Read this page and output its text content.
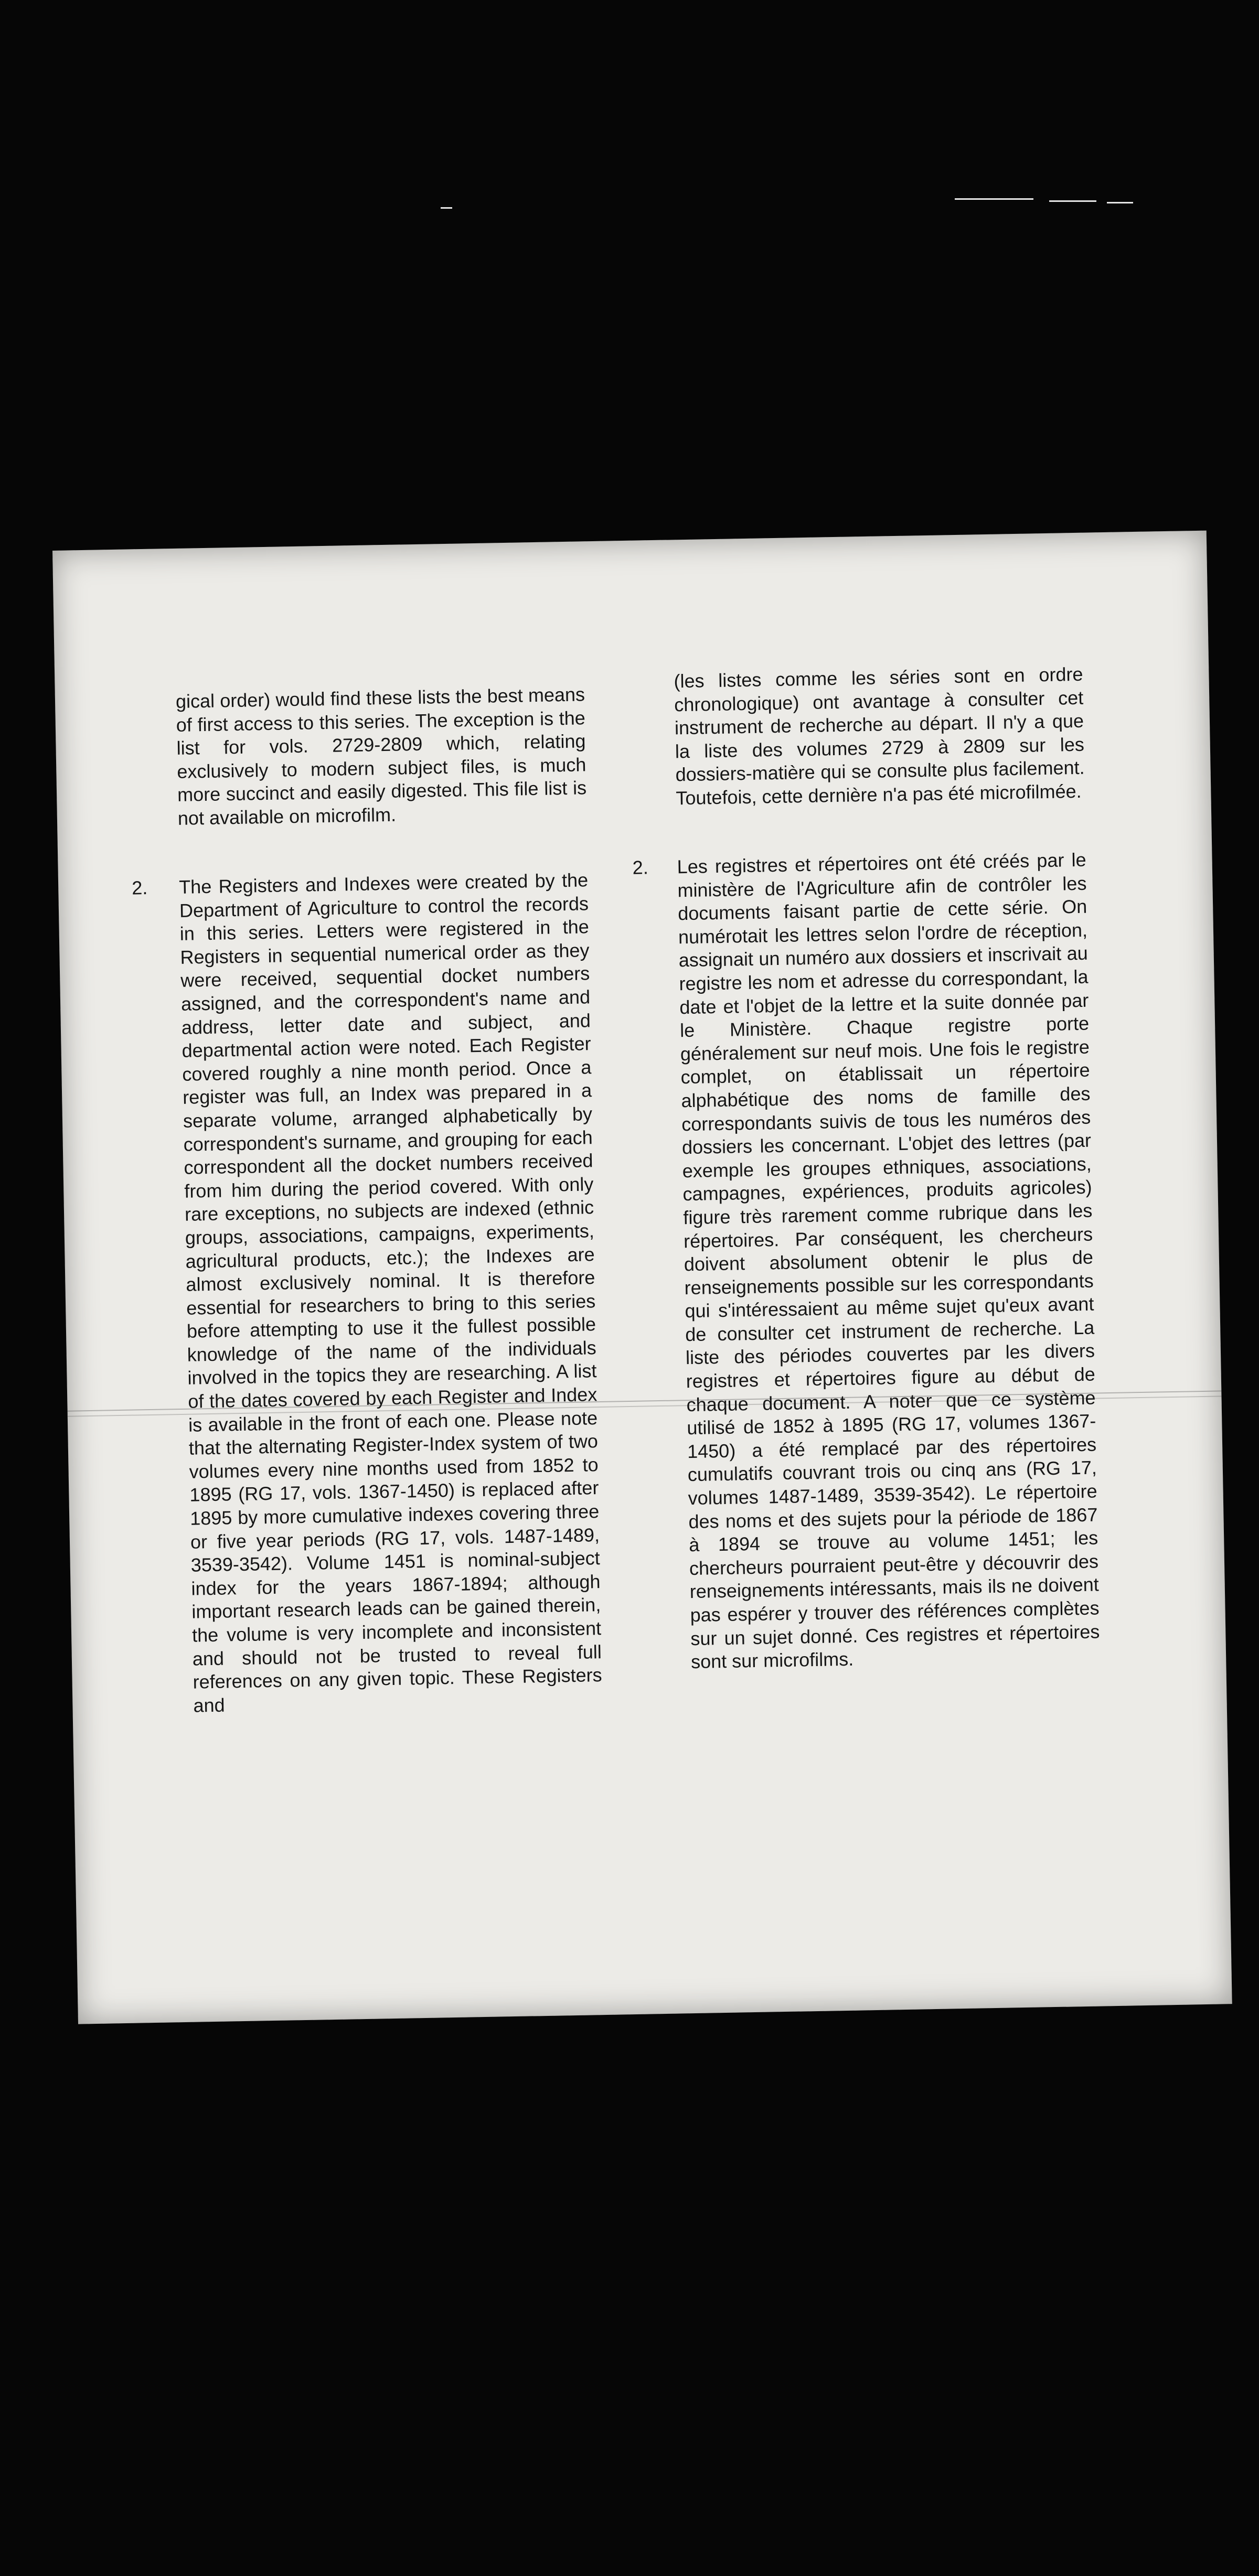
gical order) would find these lists the best means of first access to this series. The exception is the list for vols. 2729-2809 which, relating exclusively to modern subject files, is much more succinct and easily digested. This file list is not available on microfilm.

2. The Registers and Indexes were created by the Department of Agriculture to control the records in this series. Letters were registered in the Registers in sequential numerical order as they were received, sequential docket numbers assigned, and the correspondent's name and address, letter date and subject, and departmental action were noted. Each Register covered roughly a nine month period. Once a register was full, an Index was prepared in a separate volume, arranged alphabetically by correspondent's surname, and grouping for each correspondent all the docket numbers received from him during the period covered. With only rare exceptions, no subjects are indexed (ethnic groups, associations, campaigns, experiments, agricultural products, etc.); the Indexes are almost exclusively nominal. It is therefore essential for researchers to bring to this series before attempting to use it the fullest possible knowledge of the name of the individuals involved in the topics they are researching. A list of the dates covered by each Register and Index is available in the front of each one. Please note that the alternating Register-Index system of two volumes every nine months used from 1852 to 1895 (RG 17, vols. 1367-1450) is replaced after 1895 by more cumulative indexes covering three or five year periods (RG 17, vols. 1487-1489, 3539-3542). Volume 1451 is nominal-subject index for the years 1867-1894; although important research leads can be gained therein, the volume is very incomplete and inconsistent and should not be trusted to reveal full references on any given topic. These Registers and

(les listes comme les séries sont en ordre chronologique) ont avantage à consulter cet instrument de recherche au départ. Il n'y a que la liste des volumes 2729 à 2809 sur les dossiers-matière qui se consulte plus facilement. Toutefois, cette dernière n'a pas été microfilmée.

2. Les registres et répertoires ont été créés par le ministère de l'Agriculture afin de contrôler les documents faisant partie de cette série. On numérotait les lettres selon l'ordre de réception, assignait un numéro aux dossiers et inscrivait au registre les nom et adresse du correspondant, la date et l'objet de la lettre et la suite donnée par le Ministère. Chaque registre porte généralement sur neuf mois. Une fois le registre complet, on établissait un répertoire alphabétique des noms de famille des correspondants suivis de tous les numéros des dossiers les concernant. L'objet des lettres (par exemple les groupes ethniques, associations, campagnes, expériences, produits agricoles) figure très rarement comme rubrique dans les répertoires. Par conséquent, les chercheurs doivent absolument obtenir le plus de renseignements possible sur les correspondants qui s'intéressaient au même sujet qu'eux avant de consulter cet instrument de recherche. La liste des périodes couvertes par les divers registres et répertoires figure au début de chaque document. A noter que ce système utilisé de 1852 à 1895 (RG 17, volumes 1367-1450) a été remplacé par des répertoires cumulatifs couvrant trois ou cinq ans (RG 17, volumes 1487-1489, 3539-3542). Le répertoire des noms et des sujets pour la période de 1867 à 1894 se trouve au volume 1451; les chercheurs pourraient peut-être y découvrir des renseignements intéressants, mais ils ne doivent pas espérer y trouver des références complètes sur un sujet donné. Ces registres et répertoires sont sur microfilms.
